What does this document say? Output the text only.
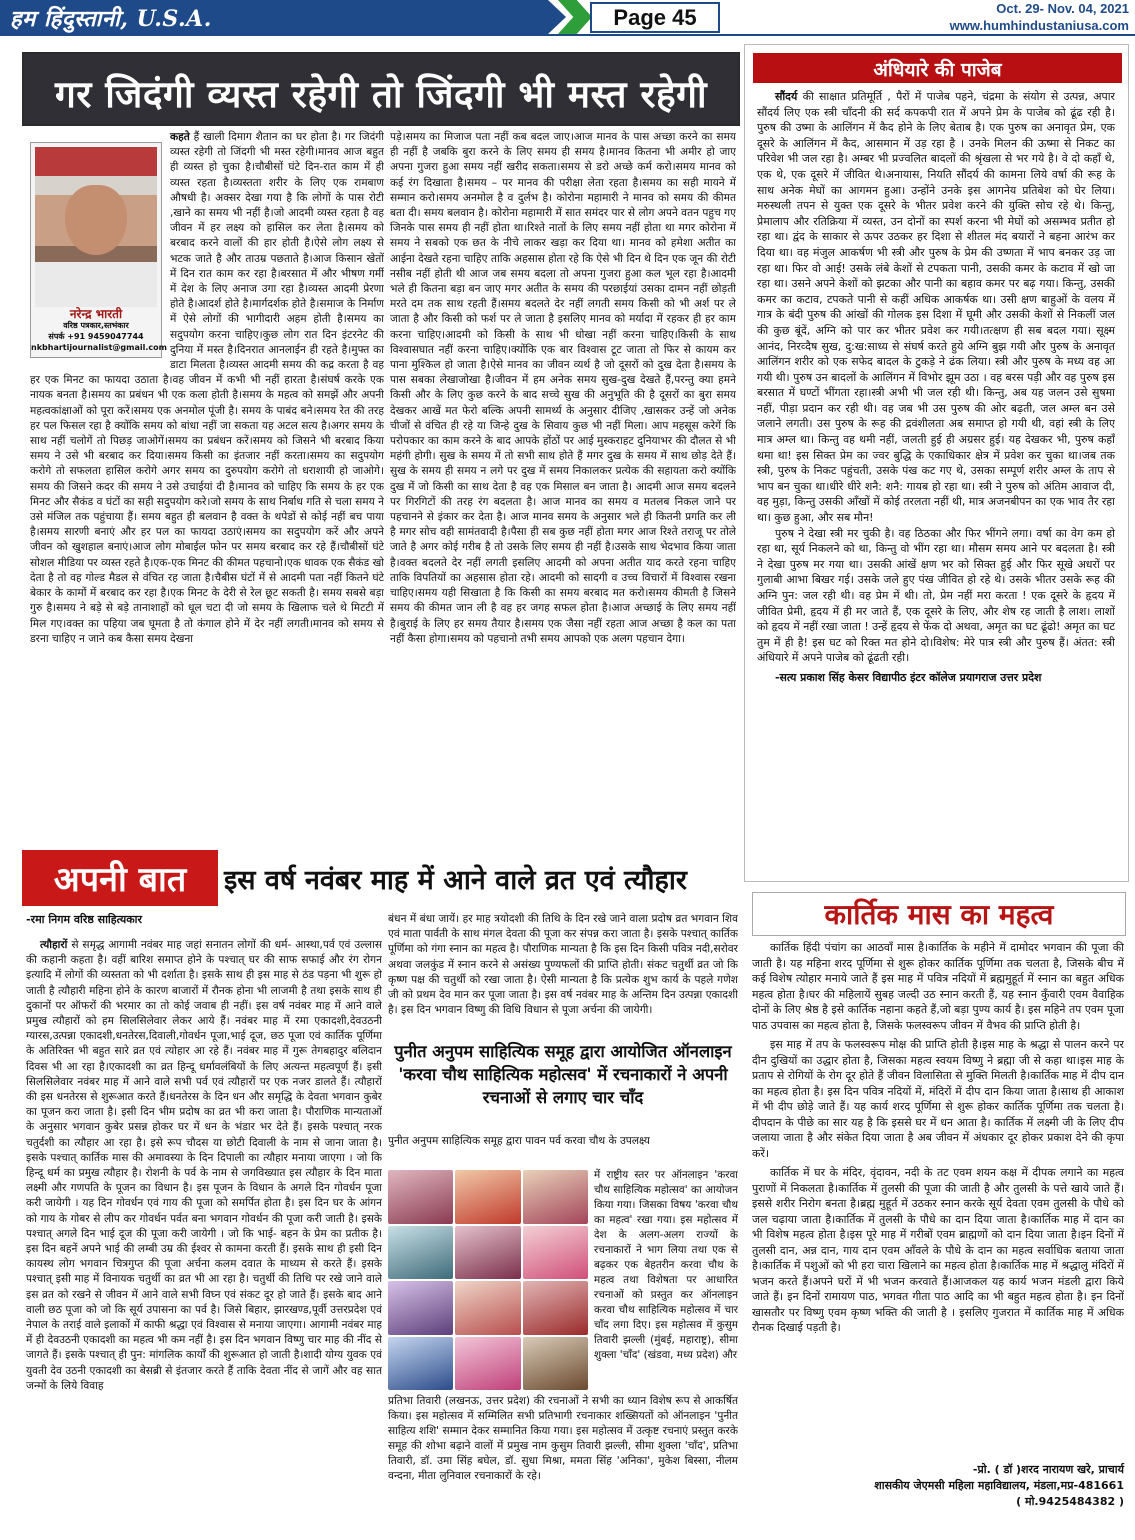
हम हिंदुस्तानी, U.S.A.	Page 45	Oct. 29- Nov. 04, 2021
www.humhindustaniusa.com
गर जिदंगी व्यस्त रहेगी तो जिंदगी भी मस्त रहेगी
नरेन्द्र भारती
वरिष्ठ पत्रकार,स्तभंकार
संपर्क +91 9459047744
nkbhartijournalist@gmail.com

कहते हैं खाली दिमाग शैतान का घर होता है। गर जिदंगी व्यस्त रहेगी तो जिंदगी भी मस्त रहेगी।मानव आज बहुत ही व्यस्त हो चुका है।चौबीसों घंटे दिन-रात काम में ही व्यस्त रहता है।व्यस्तता शरीर के लिए एक रामबाण औषधी है। अक्सर देखा गया है कि लोगों के पास रोटी ,खाने का समय भी नहीं है।जो आदमी व्यस्त रहता है वह जीवन में हर लक्ष्य को हासिल कर लेता है।समय को बरबाद करने वालों की हार होती है।ऐसे लोग लक्ष्य से भटक जाते है और ताउम्र पछताते है।आज किसान खेतों में दिन रात काम कर रहा है।बरसात में और भीषण गर्मी में देश के लिए अनाज उगा रहा है।व्यस्त आदमी प्रेरणा होते है।आदर्श होते है।मार्गदर्शक होते है।समाज के निर्माण में ऐसे लोगों की भागीदारी अहम होती है।समय का सदुपयोग करना चाहिए।कुछ लोग रात दिन इंटरनेट की दुनिया में मस्त है।दिनरात आनलाईन ही रहते है।मुफ्त का डाटा मिलता है।व्यस्त आदमी समय की कद्र करता है वह हर एक मिनट का फायदा उठाता है।वह जीवन में कभी भी नहीं हारता है।संघर्ष करके एक नायक बनता है।समय का प्रबंधन भी एक कला होती है।समय के महत्व को समझें और अपनी महत्वकांक्षाओं को पूरा करें।समय एक अनमोल पूंजी है। समय के पाबंद बने।समय रेत की तरह हर पल फिसल रहा है क्योंकि समय को बांधा नहीं जा सकता यह अटल सत्य है।अगर समय के साथ नहीं चलोगें तो पिछड़ जाओगें।समय का प्रबंधन करें।समय को जिसने भी बरबाद किया समय ने उसे भी बरबाद कर दिया।समय किसी का इंतजार नहीं करता।समय का सदुपयोग करोगे तो सफलता हासिल करोगे अगर समय का दुरुपयोग करोगे तो धराशायी हो जाओगे।समय की जिसने कदर की समय ने उसे उचाईयां दी है।मानव को चाहिए कि समय के हर एक मिनट और सैकंड व घंटों का सही सदुपयोग करे।जो समय के साथ निर्बाध गति से चला समय ने उसे मंजिल तक पहुंचाया हैं। समय बहुत ही बलवान है वक्त के थपेडों से कोई नहीं बच पाया है।समय सारणी बनाएं और हर पल का फायदा उठाएं।समय का सदुपयोग करें और अपने जीवन को खुशहाल बनाएं।आज लोग मोबाईल फोन पर समय बरबाद कर रहे हैं।चौबीसों घंटे सोशल मीडिया पर व्यस्त रहते है।एक-एक मिनट की कीमत पहचानो।एक धावक एक सैकंड खो देता है तो वह गोल्ड मैडल से वंचित रह जाता है।चैबीस घंटों में से आदमी पता नहीं कितने घंटे बेकार के कामों में बरबाद कर रहा है।एक मिनट के देरी से रेल छूट सकती है। समय सबसे बड़ा गुरु है।समय ने बड़े से बड़े तानाशाहों को धूल चटा दी जो समय के खिलाफ चले थे मिटटी में मिल गए।वक्त का पहिया जब घूमता है तो कंगाल होने में देर नहीं लगती।मानव को समय से डरना चाहिए न जाने कब कैसा समय देखना

पड़े।समय का मिजाज पता नहीं कब बदल जाए।आज मानव के पास अच्छा करने का समय ही नहीं है जबकि बुरा करने के लिए समय ही समय है।मानव कितना भी अमीर हो जाए अपना गुजरा हुआ समय नहीं खरीद सकता।समय से डरो अच्छे कर्म करो।समय मानव को कई रंग दिखाता है।समय – पर मानव की परीक्षा लेता रहता है।समय का सही मायने में सम्मान करो।समय अनमोल है व दुर्लभ है। कोरोना महामारी ने मानव को समय की कीमत बता दी। समय बलवान है। कोरोना महामारी में सात समंदर पार से लोग अपने वतन पहुच गए जिनके पास समय ही नहीं होता था।रिश्ते नातों के लिए समय नहीं होता था मगर कोरोना में समय ने सबको एक छत के नीचे लाकर खड़ा कर दिया था। मानव को हमेशा अतीत का आईना देखते रहना चाहिए ताकि अहसास होता रहे कि ऐसे भी दिन थे दिन एक जून की रोटी नसीब नहीं होती थी आज जब समय बदला तो अपना गुजरा हुआ कल भूल रहा है।आदमी भले ही कितना बड़ा बन जाए मगर अतीत के समय की परछाईयां उसका दामन नहीं छोड़ती मरते दम तक साथ रहती हैं।समय बदलते देर नहीं लगती समय किसी को भी अर्श पर ले जाता है और किसी को फर्श पर ले जाता है इसलिए मानव को मर्यादा में रहकर ही हर काम करना चाहिए।आदमी को किसी के साथ भी धोखा नहीं करना चाहिए।किसी के साथ विश्वासघात नहीं करना चाहिए।क्योंकि एक बार विश्वास टूट जाता तो फिर से कायम कर पाना मुश्किल हो जाता है।ऐसे मानव का जीवन व्यर्थ है जो दूसरों को दुख देता है।समय के पास सबका लेखाजोखा है।जीवन में हम अनेक समय सुख-दुख देखते हैं,परन्तु क्या हमने किसी और के लिए कुछ करने के बाद सच्चे सुख की अनुभूति की है दूसरों का बुरा समय देखकर आखें मत फेरो बल्कि अपनी सामर्थ्य के अनुसार दीजिए ,खासकर उन्हें जो अनेक चीजों से वंचित ही रहे या जिन्हे दुख के सिवाय कुछ भी नहीं मिला। आप महसूस करेगें कि परोपकार का काम करने के बाद आपके होंठों पर आई मुस्कराहट दुनियाभर की दौलत से भी महंगी होगी। सुख के समय में तो सभी साथ होते हैं मगर दुख के समय में साथ छोड़ देते हैं।सुख के समय ही समय न लगे पर दुख में समय निकालकर प्रत्येक की सहायता करो क्योंकि दुख में जो किसी का साथ देता है वह एक मिसाल बन जाता है। आदमी आज समय बदलने पर गिरगिटों की तरह रंग बदलता है। आज मानव का समय व मतलब निकल जाने पर पहचानने से इंकार कर देता है। आज मानव समय के अनुसार भले ही कितनी प्रगति कर ली है मगर सोच वही सामंतवादी है।पैसा ही सब कुछ नहीं होता मगर आज रिश्ते तराजू पर तोले जाते है अगर कोई गरीब है तो उसके लिए समय ही नहीं है।उसके साथ भेदभाव किया जाता है।वक्त बदलते देर नहीं लगती इसलिए आदमी को अपना अतीत याद करते रहना चाहिए ताकि विपतियों का अहसास होता रहे। आदमी को सादगी व उच्च विचारों में विश्वास रखना चाहिए।समय यही सिखाता है कि किसी का समय बरबाद मत करो।समय कीमती है जिसने समय की कीमत जान ली है वह हर जगह सफल होता है।आज अच्छाई के लिए समय नहीं है।बुराई के लिए हर समय तैयार है।समय एक जैसा नहीं रहता आज अच्छा है कल का पता नहीं कैसा होगा।समय को पहचानो तभी समय आपको एक अलग पहचान देगा।

अंधियारे की पाजेब

सौंदर्य की साक्षात प्रतिमूर्ति , पैरों में पाजेब पहने, चंद्रमा के संयोग से उत्पन्न, अपार सौंदर्य लिए एक स्त्री चाँदनी की सर्द कपकपी रात में अपने प्रेम के पाजेब को ढूंढ रही है। पुरुष की उष्मा के आलिंगन में कैद होने के लिए बेताब है। एक पुरुष का अनावृत प्रेम, एक दूसरे के आलिंगन में कैद, आसमान में उड़ रहा है । उनके मिलन की ऊष्मा से निकट का परिवेश भी जल रहा है। अम्बर भी प्रज्वलित बादलों की श्रृंखला से भर गये है। वे दो कहाँ थे, एक थे, एक दूसरे में जीवित थे।अनायास, नियति सौंदर्य की कामना लिये वर्षा की रूह के साथ अनेक मेघों का आगमन हुआ। उन्होंने उनके इस आगनेय प्रतिबेश को घेर लिया। मरुस्थली तपन से युक्त एक दूसरे के भीतर प्रवेश करने की युक्ति सोच रहे थे। किन्तु, प्रेमालाप और रतिक्रिया में व्यस्त, उन दोनों का स्पर्श करना भी मेघों को असम्भव प्रतीत हो रहा था। द्वंद के साकार से ऊपर उठकर हर दिशा से शीतल मंद बयारों ने बहना आरंभ कर दिया था। वह मंजुल आकर्षण भी स्त्री और पुरुष के प्रेम की उष्णता में भाप बनकर उड़ जा रहा था। फिर वो आई! उसके लंबे केशों से टपकता पानी, उसकी कमर के कटाव में खो जा रहा था। उसने अपने केशों को झटका और पानी का बहाव कमर पर बढ़ गया। किन्तु, उसकी कमर का कटाव, टपकते पानी से कहीं अधिक आकर्षक था। उसी क्षण बाहुओं के वलय में गात्र के बंदी पुरुष की आंखों की गोलक इस दिशा में घूमी और उसकी केशों से निकलीं जल की कुछ बूंदें, अग्नि को पार कर भीतर प्रवेश कर गयी।तत्क्षण ही सब बदल गया। सूक्ष्म आनंद, निरव्दैष सुख, दु:ख:साध्य से संघर्ष करते हुये अग्नि बुझ गयी और पुरुष के अनावृत आलिंगन शरीर को एक सफेद बादल के टुकड़े ने ढंक लिया। स्त्री और पुरुष के मध्य वह आ गयी थी। पुरुष उन बादलों के आलिंगन में विभोर झूम उठा । वह बरस पड़ी और वह पुरुष इस बरसात में घण्टों भींगता रहा।स्त्री अभी भी जल रही थी। किन्तु, अब यह जलन उसे सुषमा नहीं, पीड़ा प्रदान कर रही थी। वह जब भी उस पुरुष की ओर बढ़ती, जल अम्ल बन उसे जलाने लगती। उस पुरुष के रूह की द्रवंशीलता अब समाप्त हो गयी थी, वहां स्त्री के लिए मात्र अम्ल था। किन्तु वह थमी नहीं, जलती हुई ही अग्रसर हुई। यह देखकर भी, पुरुष कहाँ थमा था! इस सिक्त प्रेम का ज्वर बुद्धि के एकाधिकार क्षेत्र में प्रवेश कर चुका था।जब तक स्त्री, पुरुष के निकट पहुंचती, उसके पंख कट गए थे, उसका सम्पूर्ण शरीर अम्ल के ताप से भाप बन चुका था।धीरे धीरे शनै: शनै: गायब हो रहा था। स्त्री ने पुरुष को अंतिम आवाज दी, वह मुड़ा, किन्तु उसकी आँखों में कोई तरलता नहीं थी, मात्र अजनबीपन का एक भाव तैर रहा था। कुछ हुआ, और सब मौन!

पुरुष ने देखा स्त्री मर चुकी है। वह ठिठका और फिर भींगने लगा। वर्षा का वेग कम हो रहा था, सूर्य निकलने को था, किन्तु वो भींग रहा था। मौसम समय आने पर बदलता है। स्त्री ने देखा पुरुष मर गया था। उसकी आंखें क्षण भर को सिक्त हुई और फिर सूखे अधरों पर गुलाबी आभा बिखर गई। उसके जले हुए पंख जीवित हो रहे थे। उसके भीतर उसके रूह की अग्नि पुन: जल रही थी। वह प्रेम में थी। तो, प्रेम नहीं मरा करता ! एक दूसरे के हृदय में जीवित प्रेमी, हृदय में ही मर जाते हैं, एक दूसरे के लिए, और शेष रह जाती है लाश। लाशों को हृदय में नहीं रखा जाता ! उन्हें हृदय से फेंक दो अथवा, अमृत का घट ढूंढो! अमृत का घट तुम में ही है! इस घट को रिक्त मत होने दो।विशेष: मेरे पात्र स्त्री और पुरुष हैं। अंतत: स्त्री अंधियारे में अपने पाजेब को ढूंढती रही।

-सत्य प्रकाश सिंह केसर विद्यापीठ इंटर कॉलेज प्रयागराज उत्तर प्रदेश

अपनी बात	इस वर्ष नवंबर माह में आने वाले व्रत एवं त्यौहार
-रमा निगम वरिष्ठ साहित्यकार

त्यौहारों से समृद्ध आगामी नवंबर माह जहां सनातन लोगों की धर्म- आस्था,पर्व एवं उल्लास की कहानी कहता है। वहीं बारिश समाप्त होने के पश्चात् घर की साफ सफाई और रंग रोगन इत्यादि में लोगों की व्यस्तता को भी दर्शाता है। इसके साथ ही इस माह से ठंड पड़ना भी शुरू हो जाती है त्यौहारी महिना होने के कारण बाजारों में रौनक होना भी लाजमी है तथा इसके साथ ही दुकानों पर ऑफरों की भरमार का तो कोई जवाब ही नहीं। इस वर्ष नवंबर माह में आने वाले प्रमुख त्यौहारों को हम सिलसिलेवार लेकर आये हैं। नवंबर माह में रमा एकादशी,देवउठनी ग्यारस,उत्पन्ना एकादशी,धनतेरस,दिवाली,गोवर्धन पूजा,भाई दूज, छठ पूजा एवं कार्तिक पूर्णिमा के अतिरिक्त भी बहुत सारे व्रत एवं त्योहार आ रहे हैं। नवंबर माह में गुरू तेगबहादुर बलिदान दिवस भी आ रहा है।एकादशी का व्रत हिन्दू धर्मावलंबियों के लिए अत्यन्त महत्वपूर्ण हैं। इसी सिलसिलेवार नवंबर माह में आने वाले सभी पर्व एवं त्यौहारों पर एक नजर डालते हैं। त्यौहारों की इस धनतेरस से शुरूआत करते हैं।धनतेरस के दिन धन और समृद्धि के देवता भगवान कुबेर का पूजन करा जाता है। इसी दिन भीम प्रदोष का व्रत भी करा जाता है। पौराणिक मान्यताओं के अनुसार भगवान कुबेर प्रसन्न होकर घर में धन के भंडार भर देते हैं। इसके पश्चात् नरक चतुर्दशी का त्यौहार आ रहा है। इसे रूप चौदस या छोटी दिवाली के नाम से जाना जाता है। इसके पश्चात् कार्तिक मास की अमावस्या के दिन दिपाली का त्यौहार मनाया जाएगा । जो कि हिन्दू धर्म का प्रमुख त्यौहार है। रोशनी के पर्व के नाम से जगविख्यात इस त्यौहार के दिन माता लक्ष्मी और गणपति के पूजन का विधान है। इस पूजन के विधान के अगले दिन गोवर्धन पूजा करी जायेगी । यह दिन गोवर्धन एवं गाय की पूजा को समर्पित होता है। इस दिन घर के आंगन को गाय के गोबर से लीप कर गोवर्धन पर्वत बना भगवान गोवर्धन की पूजा करी जाती है। इसके पश्चात् अगले दिन भाई दूज की पूजा करी जायेगी । जो कि भाई- बहन के प्रेम का प्रतीक है। इस दिन बहनें अपने भाई की लम्बी उम्र की ईश्वर से कामना करती हैं। इसके साथ ही इसी दिन कायस्थ लोग भगवान चित्रगुप्त की पूजा अर्चना कलम दवात के माध्यम से करते हैं। इसके पश्चात् इसी माह में विनायक चतुर्थी का व्रत भी आ रहा है। चतुर्थी की तिथि पर रखे जाने वाले इस व्रत को रखने से जीवन में आने वाले सभी विघ्न एवं संकट दूर हो जाते हैं। इसके बाद आने वाली छठ पूजा को जो कि सूर्य उपासना का पर्व है। जिसे बिहार, झारखण्ड,पूर्वी उत्तरप्रदेश एवं नेपाल के तराई वाले इलाकों में काफी श्रद्धा एवं विश्वास से मनाया जाएगा। आगामी नवंबर माह में ही देवउठनी एकादशी का महत्व भी कम नहीं है। इस दिन भगवान विष्णु चार माह की नींद से जागते हैं। इसके पश्चात् ही पुन: मांगलिक कार्यों की शुरूआत हो जाती है।शादी योग्य युवक एवं युवती देव उठनी एकादशी का बेसब्री से इंतजार करते हैं ताकि देवता नींद से जागें और वह सात जन्मों के लिये विवाह

बंधन में बंधा जायें। हर माह त्रयोदशी की तिथि के दिन रखे जाने वाला प्रदोष व्रत भगवान शिव एवं माता पार्वती के साथ मंगल देवता की पूजा कर संपन्न करा जाता है। इसके पश्चात् कार्तिक पूर्णिमा को गंगा स्नान का महत्व है। पौराणिक मान्यता है कि इस दिन किसी पवित्र नदी,सरोवर अथवा जलकुंड में स्नान करने से असंख्य पुण्यफलों की प्राप्ति होती। संकट चतुर्थी व्रत जो कि कृष्ण पक्ष की चतुर्थी को रखा जाता है। ऐसी मान्यता है कि प्रत्येक शुभ कार्य के पहले गणेश जी को प्रथम देव मान कर पूजा जाता है। इस वर्ष नवंबर माह के अन्तिम दिन उत्पन्ना एकादशी है। इस दिन भगवान विष्णु की विधि विधान से पूजा अर्चना की जायेगी।

पुनीत अनुपम साहित्यिक समूह द्वारा आयोजित ऑनलाइन 'करवा चौथ साहित्यिक महोत्सव' में रचनाकारों ने अपनी रचनाओं से लगाए चार चाँद
पुनीत अनुपम साहित्यिक समूह द्वारा पावन पर्व करवा चौथ के उपलक्ष्य

में राष्ट्रीय स्तर पर ऑनलाइन 'करवा चौथ साहित्यिक महोत्सव' का आयोजन किया गया। जिसका विषय 'करवा चौथ का महत्व' रखा गया। इस महोत्सव में देश के अलग-अलग राज्यों के रचनाकारों ने भाग लिया तथा एक से बढ़कर एक बेहतरीन करवा चौथ के महत्व तथा विशेषता पर आधारित रचनाओं को प्रस्तुत कर ऑनलाइन करवा चौथ साहित्यिक महोत्सव में चार चाँद लगा दिए। इस महोत्सव में कुसुम तिवारी झल्ली (मुंबई, महाराष्ट्र), सीमा शुक्ला 'चाँद' (खंडवा, मध्य प्रदेश) और

प्रतिभा तिवारी (लखनऊ, उत्तर प्रदेश) की रचनाओं ने सभी का ध्यान विशेष रूप से आकर्षित किया। इस महोत्सव में सम्मिलित सभी प्रतिभागी रचनाकार शख्सियतों को ऑनलाइन 'पुनीत साहित्य शशि' सम्मान देकर सम्मानित किया गया। इस महोत्सव में उत्कृष्ट रचनाएं प्रस्तुत करके समूह की शोभा बढ़ाने वालों में प्रमुख नाम कुसुम तिवारी झल्ली, सीमा शुक्ला 'चाँद', प्रतिभा तिवारी, डॉ. उमा सिंह बघेल, डॉ. सुधा मिश्रा, ममता सिंह 'अनिका', मुकेश बिस्सा, नीलम वन्दना, मीता लुनिवाल रचनाकारों के रहे।

कार्तिक मास का महत्व

कार्तिक हिंदी पंचांग का आठवाँ मास है।कार्तिक के महीने में दामोदर भगवान की पूजा की जाती है। यह महिना शरद पूर्णिमा से शुरू होकर कार्तिक पूर्णिमा तक चलता है, जिसके बीच में कई विशेष त्योहार मनाये जाते हैं इस माह में पवित्र नदियों में ब्रह्ममुहूर्त में स्नान का बहुत अधिक महत्व होता है।घर की महिलायें सुबह जल्दी उठ स्नान करती हैं, यह स्नान कुँवारी एवम वैवाहिक दोनों के लिए श्रेष्ठ है इसे कार्तिक नहाना कहते हैं,जो बड़ा पुण्य कार्य है। इस महिने तप एवम पूजा पाठ उपवास का महत्व होता है, जिसके फलस्वरूप जीवन में वैभव की प्राप्ति होती है।

इस माह में तप के फलस्वरूप मोक्ष की प्राप्ति होती है।इस माह के श्रद्धा से पालन करने पर दीन दुखियों का उद्धार होता है, जिसका महत्व स्वयम विष्णु ने ब्रह्मा जी से कहा था।इस माह के प्रताप से रोगियों के रोग दूर होते हैं जीवन विलासिता से मुक्ति मिलती है।कार्तिक माह में दीप दान का महत्व होता है। इस दिन पवित्र नदियों में, मंदिरों में दीप दान किया जाता है।साथ ही आकाश में भी दीप छोड़े जाते हैं। यह कार्य शरद पूर्णिमा से शुरू होकर कार्तिक पूर्णिमा तक चलता है।दीपदान के पीछे का सार यह है कि इससे घर में धन आता है। कार्तिक में लक्ष्मी जी के लिए दीप जलाया जाता है और संकेत दिया जाता है अब जीवन में अंधकार दूर होकर प्रकाश देने की कृपा करें।

कार्तिक में घर के मंदिर, वृंदावन, नदी के तट एवम शयन कक्ष में दीपक लगाने का महत्व पुराणों में निकलता है।कार्तिक में तुलसी की पूजा की जाती है और तुलसी के पत्ते खाये जाते हैं।इससे शरीर निरोग बनता है।ब्रह्म मुहूर्त में उठकर स्नान करके सूर्य देवता एवम तुलसी के पौधे को जल चढ़ाया जाता है।कार्तिक में तुलसी के पौधे का दान दिया जाता है।कार्तिक माह में दान का भी विशेष महत्व होता है।इस पूरे माह में गरीबों एवम ब्राह्मणों को दान दिया जाता है।इन दिनों में तुलसी दान, अन्न दान, गाय दान एवम आँवले के पौधे के दान का महत्व सर्वाधिक बताया जाता है।कार्तिक में पशुओं को भी हरा चारा खिलाने का महत्व होता है।कार्तिक माह में श्रद्धालु मंदिरों में भजन करते हैं।अपने घरों में भी भजन करवाते हैं।आजकल यह कार्य भजन मंडली द्वारा किये जाते हैं। इन दिनों रामायण पाठ, भगवत गीता पाठ आदि का भी बहुत महत्व होता है। इन दिनों खासतौर पर विष्णु एवम कृष्ण भक्ति की जाती है । इसलिए गुजरात में कार्तिक माह में अधिक रौनक दिखाई पड़ती है।

-प्रो. ( डॉ )शरद नारायण खरे, प्राचार्य
शासकीय जेएमसी महिला महाविद्यालय, मंडला,मप्र-481661
( मो.9425484382 )
